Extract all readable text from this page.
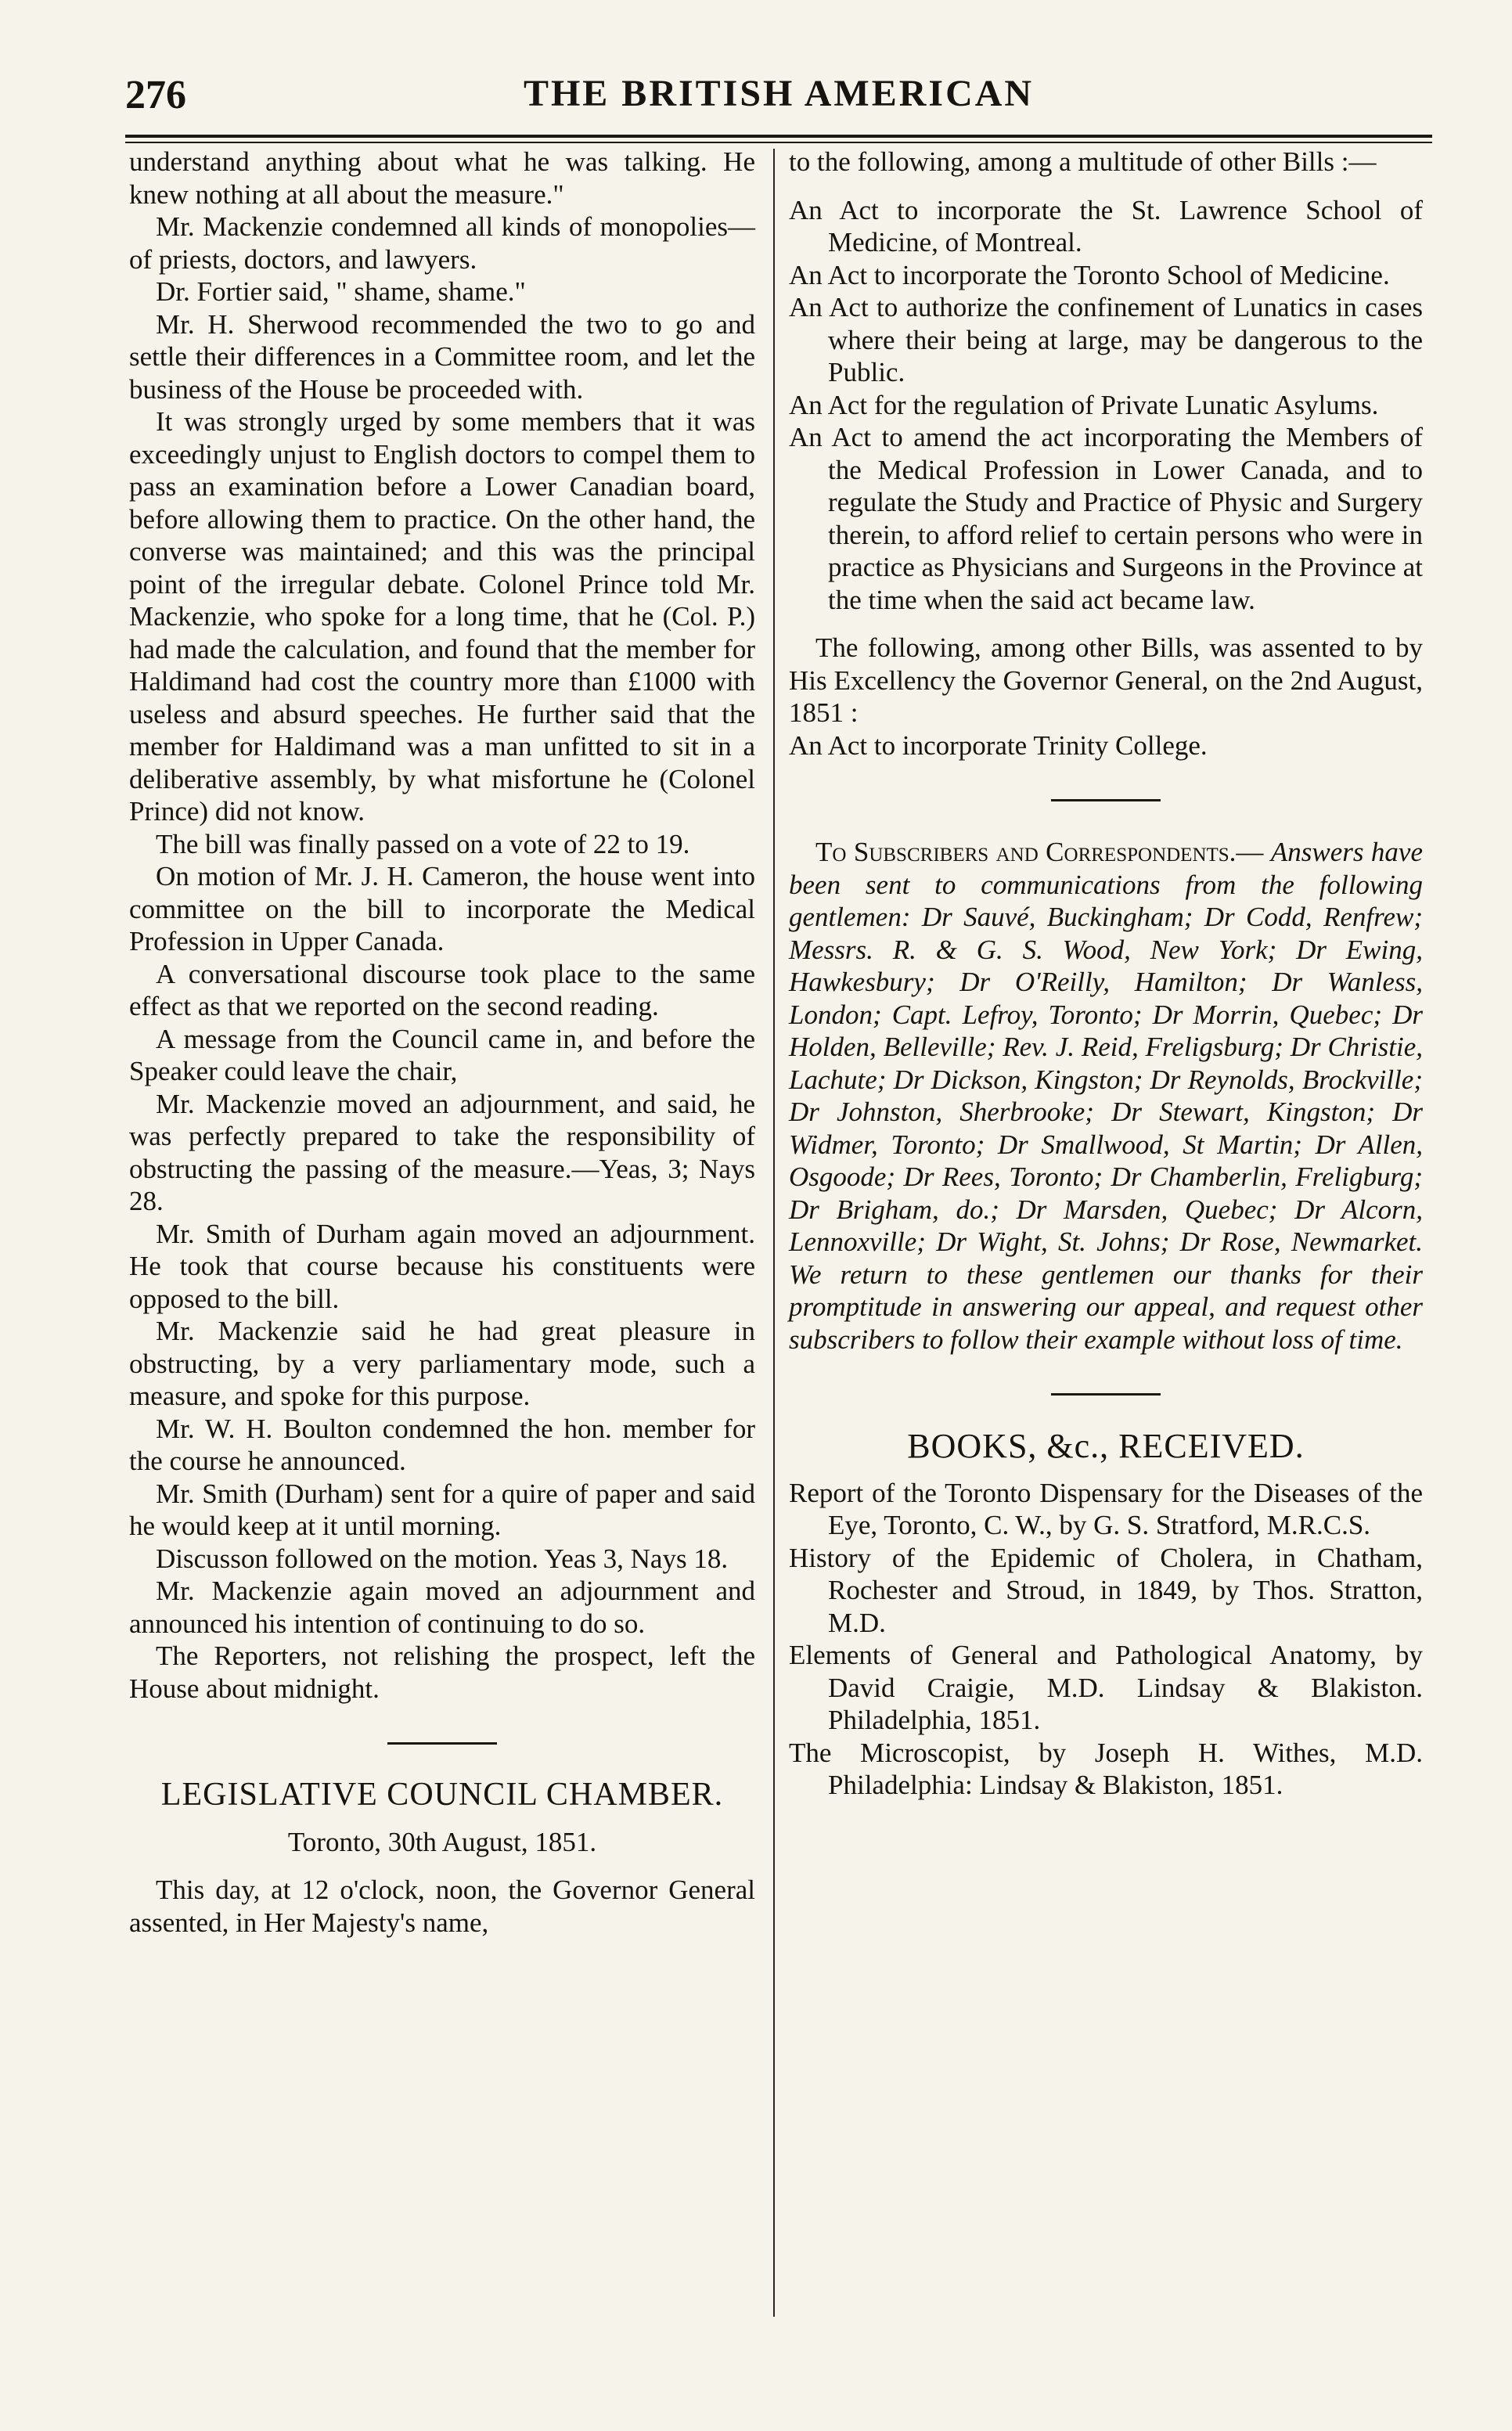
276	THE BRITISH AMERICAN

understand anything about what he was talking. He knew nothing at all about the measure."

Mr. Mackenzie condemned all kinds of monopolies—of priests, doctors, and lawyers.

Dr. Fortier said, " shame, shame."

Mr. H. Sherwood recommended the two to go and settle their differences in a Committee room, and let the business of the House be proceeded with.

It was strongly urged by some members that it was exceedingly unjust to English doctors to compel them to pass an examination before a Lower Canadian board, before allowing them to practice. On the other hand, the converse was maintained; and this was the principal point of the irregular debate. Colonel Prince told Mr. Mackenzie, who spoke for a long time, that he (Col. P.) had made the calculation, and found that the member for Haldimand had cost the country more than £1000 with useless and absurd speeches. He further said that the member for Haldimand was a man unfitted to sit in a deliberative assembly, by what misfortune he (Colonel Prince) did not know.

The bill was finally passed on a vote of 22 to 19.

On motion of Mr. J. H. Cameron, the house went into committee on the bill to incorporate the Medical Profession in Upper Canada.

A conversational discourse took place to the same effect as that we reported on the second reading.

A message from the Council came in, and before the Speaker could leave the chair,

Mr. Mackenzie moved an adjournment, and said, he was perfectly prepared to take the responsibility of obstructing the passing of the measure.—Yeas, 3; Nays 28.

Mr. Smith of Durham again moved an adjournment. He took that course because his constituents were opposed to the bill.

Mr. Mackenzie said he had great pleasure in obstructing, by a very parliamentary mode, such a measure, and spoke for this purpose.

Mr. W. H. Boulton condemned the hon. member for the course he announced.

Mr. Smith (Durham) sent for a quire of paper and said he would keep at it until morning.

Discusson followed on the motion. Yeas 3, Nays 18.

Mr. Mackenzie again moved an adjournment and announced his intention of continuing to do so.

The Reporters, not relishing the prospect, left the House about midnight.

LEGISLATIVE COUNCIL CHAMBER.

Toronto, 30th August, 1851.

This day, at 12 o'clock, noon, the Governor General assented, in Her Majesty's name,

to the following, among a multitude of other Bills :—

An Act to incorporate the St. Lawrence School of Medicine, of Montreal.

An Act to incorporate the Toronto School of Medicine.

An Act to authorize the confinement of Lunatics in cases where their being at large, may be dangerous to the Public.

An Act for the regulation of Private Lunatic Asylums.

An Act to amend the act incorporating the Members of the Medical Profession in Lower Canada, and to regulate the Study and Practice of Physic and Surgery therein, to afford relief to certain persons who were in practice as Physicians and Surgeons in the Province at the time when the said act became law.

The following, among other Bills, was assented to by His Excellency the Governor General, on the 2nd August, 1851 :

An Act to incorporate Trinity College.

To Subscribers and Correspondents.— Answers have been sent to communications from the following gentlemen: Dr Sauvé, Buckingham; Dr Codd, Renfrew; Messrs. R. & G. S. Wood, New York; Dr Ewing, Hawkesbury; Dr O'Reilly, Hamilton; Dr Wanless, London; Capt. Lefroy, Toronto; Dr Morrin, Quebec; Dr Holden, Belleville; Rev. J. Reid, Freligsburg; Dr Christie, Lachute; Dr Dickson, Kingston; Dr Reynolds, Brockville; Dr Johnston, Sherbrooke; Dr Stewart, Kingston; Dr Widmer, Toronto; Dr Smallwood, St Martin; Dr Allen, Osgoode; Dr Rees, Toronto; Dr Chamberlin, Freligburg; Dr Brigham, do.; Dr Marsden, Quebec; Dr Alcorn, Lennoxville; Dr Wight, St. Johns; Dr Rose, Newmarket. We return to these gentlemen our thanks for their promptitude in answering our appeal, and request other subscribers to follow their example without loss of time.

BOOKS, &c., RECEIVED.

Report of the Toronto Dispensary for the Diseases of the Eye, Toronto, C. W., by G. S. Stratford, M.R.C.S.

History of the Epidemic of Cholera, in Chatham, Rochester and Stroud, in 1849, by Thos. Stratton, M.D.

Elements of General and Pathological Anatomy, by David Craigie, M.D. Lindsay & Blakiston. Philadelphia, 1851.

The Microscopist, by Joseph H. Withes, M.D. Philadelphia: Lindsay & Blakiston, 1851.
